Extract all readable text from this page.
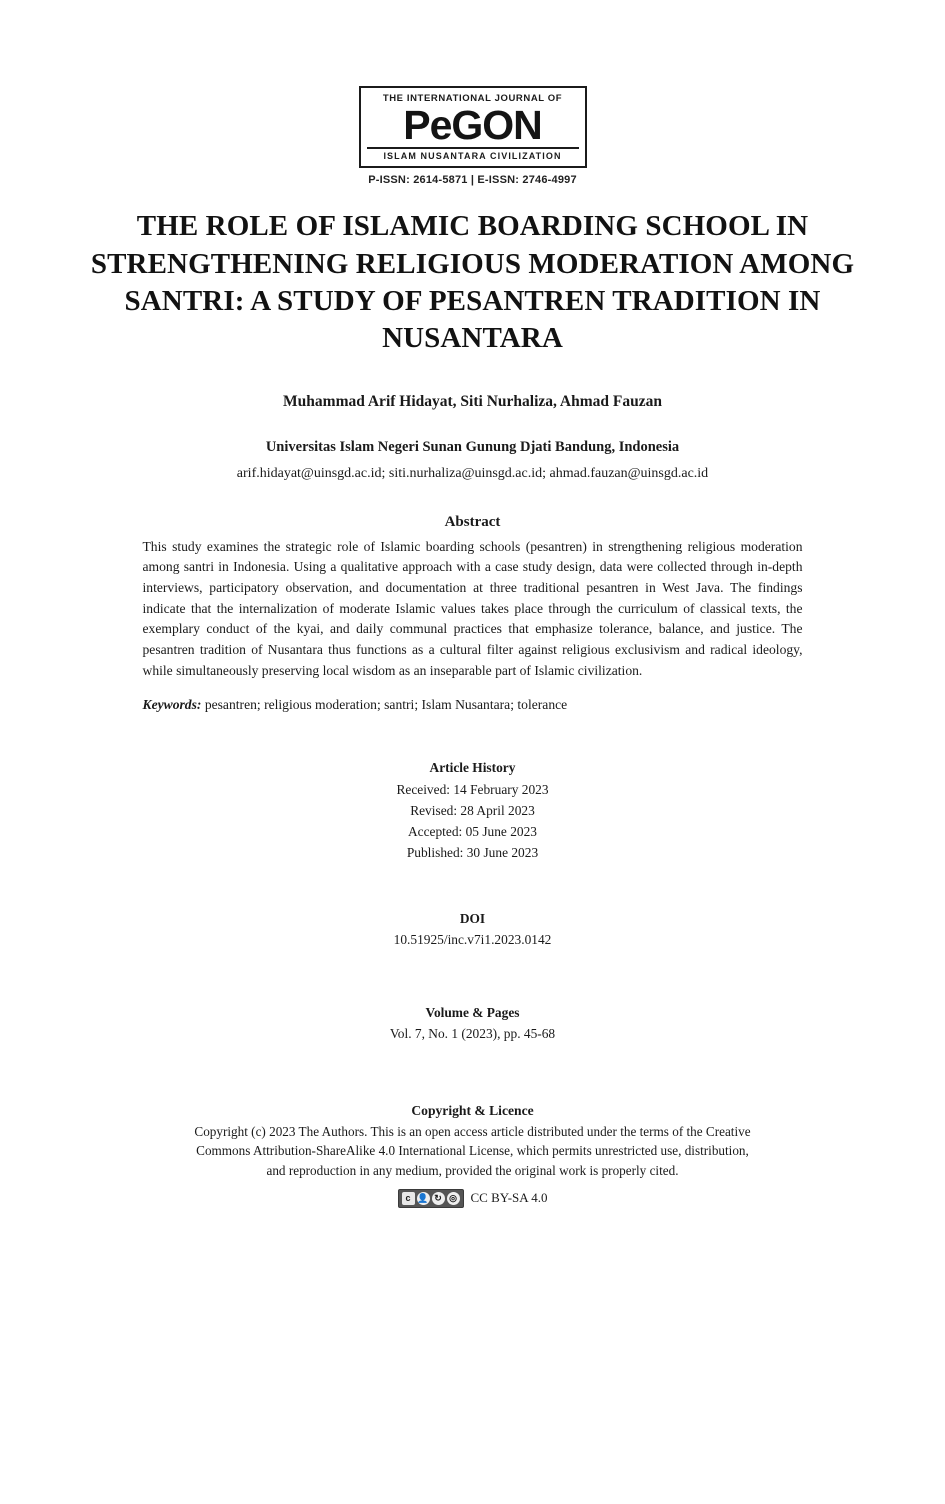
THE INTERNATIONAL JOURNAL OF
PeGON
ISLAM NUSANTARA CIVILIZATION
P-ISSN: 2614-5871 | E-ISSN: 2746-4997
THE ROLE OF ISLAMIC BOARDING SCHOOL IN STRENGTHENING RELIGIOUS MODERATION AMONG SANTRI: A STUDY OF PESANTREN TRADITION IN NUSANTARA
Muhammad Arif Hidayat, Siti Nurhaliza, Ahmad Fauzan
Universitas Islam Negeri Sunan Gunung Djati Bandung, Indonesia
arif.hidayat@uinsgd.ac.id; siti.nurhaliza@uinsgd.ac.id; ahmad.fauzan@uinsgd.ac.id
Abstract
This study examines the strategic role of Islamic boarding schools (pesantren) in strengthening religious moderation among santri in Indonesia. Using a qualitative approach with a case study design, data were collected through in-depth interviews, participatory observation, and documentation at three traditional pesantren in West Java. The findings indicate that the internalization of moderate Islamic values takes place through the curriculum of classical texts, the exemplary conduct of the kyai, and daily communal practices that emphasize tolerance, balance, and justice. The pesantren tradition of Nusantara thus functions as a cultural filter against religious exclusivism and radical ideology, while simultaneously preserving local wisdom as an inseparable part of Islamic civilization.
Keywords: pesantren; religious moderation; santri; Islam Nusantara; tolerance
Article History
Received: 14 February 2023
Revised: 28 April 2023
Accepted: 05 June 2023
Published: 30 June 2023
DOI
10.51925/inc.v7i1.2023.0142
Volume & Pages
Vol. 7, No. 1 (2023), pp. 45-68
Copyright & Licence
Copyright (c) 2023 The Authors. This is an open access article distributed under the terms of the Creative Commons Attribution-ShareAlike 4.0 International License, which permits unrestricted use, distribution, and reproduction in any medium, provided the original work is properly cited.
c 👤 ↻ ◎ CC BY-SA 4.0
